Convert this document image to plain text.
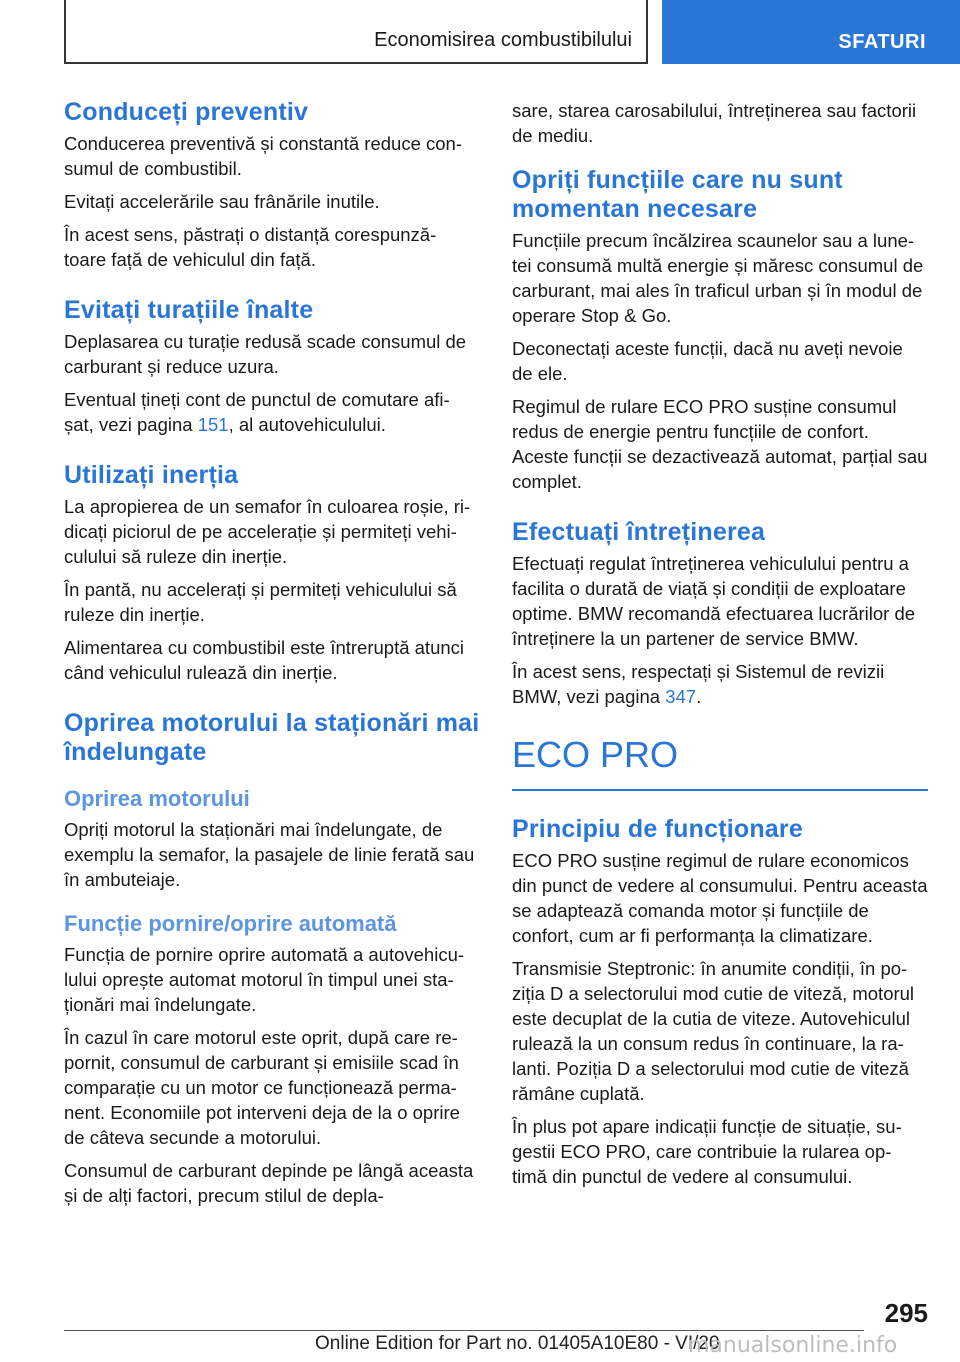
Economisirea combustibilului	SFATURI
Conduceți preventiv

Conducerea preventivă și constantă reduce con‐ sumul de combustibil.

Evitați accelerările sau frânările inutile.

În acest sens, păstrați o distanță corespunză‐ toare față de vehiculul din față.

Evitați turațiile înalte

Deplasarea cu turație redusă scade consumul de carburant și reduce uzura.

Eventual țineți cont de punctul de comutare afi‐ șat, vezi pagina 151, al autovehiculului.

Utilizați inerția

La apropierea de un semafor în culoarea roșie, ri‐ dicați piciorul de pe accelerație și permiteți vehi‐ culului să ruleze din inerție.

În pantă, nu accelerați și permiteți vehiculului să ruleze din inerție.

Alimentarea cu combustibil este întreruptă atunci când vehiculul rulează din inerție.

Oprirea motorului la staționări mai îndelungate
Oprirea motorului

Opriți motorul la staționări mai îndelungate, de exemplu la semafor, la pasajele de linie ferată sau în ambuteiaje.

Funcție pornire/oprire automată

Funcția de pornire oprire automată a autovehicu‐ lului oprește automat motorul în timpul unei sta‐ ționări mai îndelungate.

În cazul în care motorul este oprit, după care re‐ pornit, consumul de carburant și emisiile scad în comparație cu un motor ce funcționează perma‐ nent. Economiile pot interveni deja de la o oprire de câteva secunde a motorului.

Consumul de carburant depinde pe lângă aceasta și de alți factori, precum stilul de depla‐

sare, starea carosabilului, întreținerea sau factorii de mediu.

Opriți funcțiile care nu sunt momentan necesare

Funcțiile precum încălzirea scaunelor sau a lune‐ tei consumă multă energie și măresc consumul de carburant, mai ales în traficul urban și în modul de operare Stop & Go.

Deconectați aceste funcții, dacă nu aveți nevoie de ele.

Regimul de rulare ECO PRO susține consumul redus de energie pentru funcțiile de confort. Aceste funcții se dezactivează automat, parțial sau complet.

Efectuați întreținerea

Efectuați regulat întreținerea vehiculului pentru a facilita o durată de viață și condiții de exploatare optime. BMW recomandă efectuarea lucrărilor de întreținere la un partener de service BMW.

În acest sens, respectați și Sistemul de revizii BMW, vezi pagina 347.

ECO PRO
Principiu de funcționare

ECO PRO susține regimul de rulare economicos din punct de vedere al consumului. Pentru aceasta se adaptează comanda motor și funcțiile de confort, cum ar fi performanța la climatizare.

Transmisie Steptronic: în anumite condiții, în po‐ ziția D a selectorului mod cutie de viteză, motorul este decuplat de la cutia de viteze. Autovehiculul rulează la un consum redus în continuare, la ra‐ lanti. Poziția D a selectorului mod cutie de viteză rămâne cuplată.

În plus pot apare indicații funcție de situație, su‐ gestii ECO PRO, care contribuie la rularea op‐ timă din punctul de vedere al consumului.

295
Online Edition for Part no. 01405A10E80 - VI/20
manualsonline.info
